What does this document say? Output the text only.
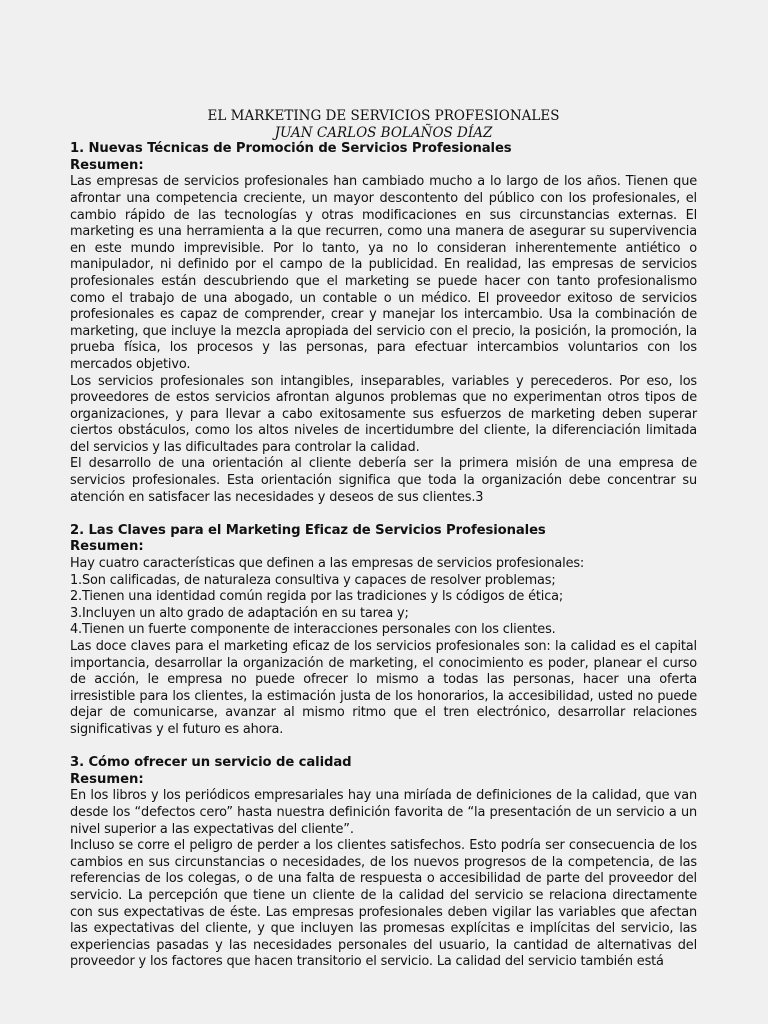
EL MARKETING DE SERVICIOS PROFESIONALES
JUAN CARLOS BOLAÑOS DÍAZ
1. Nuevas Técnicas de Promoción de Servicios Profesionales
Resumen:

Las empresas de servicios profesionales han cambiado mucho a lo largo de los años. Tienen que afrontar una competencia creciente, un mayor descontento del público con los profesionales, el cambio rápido de las tecnologías y otras modificaciones en sus circunstancias externas. El marketing es una herramienta a la que recurren, como una manera de asegurar su supervivencia en este mundo imprevisible. Por lo tanto, ya no lo consideran inherentemente antiético o manipulador, ni definido por el campo de la publicidad. En realidad, las empresas de servicios profesionales están descubriendo que el marketing se puede hacer con tanto profesionalismo como el trabajo de una abogado, un contable o un médico. El proveedor exitoso de servicios profesionales es capaz de comprender, crear y manejar los intercambio. Usa la combinación de marketing, que incluye la mezcla apropiada del servicio con el precio, la posición, la promoción, la prueba física, los procesos y las personas, para efectuar intercambios voluntarios con los mercados objetivo.

Los servicios profesionales son intangibles, inseparables, variables y perecederos. Por eso, los proveedores de estos servicios afrontan algunos problemas que no experimentan otros tipos de organizaciones, y para llevar a cabo exitosamente sus esfuerzos de marketing deben superar ciertos obstáculos, como los altos niveles de incertidumbre del cliente, la diferenciación limitada del servicios y las dificultades para controlar la calidad.

El desarrollo de una orientación al cliente debería ser la primera misión de una empresa de servicios profesionales. Esta orientación significa que toda la organización debe concentrar su atención en satisfacer las necesidades y deseos de sus clientes.3

2. Las Claves para el Marketing Eficaz de Servicios Profesionales
Resumen:
Hay cuatro características que definen a las empresas de servicios profesionales:
1.Son calificadas, de naturaleza consultiva y capaces de resolver problemas;
2.Tienen una identidad común regida por las tradiciones y ls códigos de ética;
3.Incluyen un alto grado de adaptación en su tarea y;
4.Tienen un fuerte componente de interacciones personales con los clientes.

Las doce claves para el marketing eficaz de los servicios profesionales son: la calidad es el capital importancia, desarrollar la organización de marketing, el conocimiento es poder, planear el curso de acción, le empresa no puede ofrecer lo mismo a todas las personas, hacer una oferta irresistible para los clientes, la estimación justa de los honorarios, la accesibilidad, usted no puede dejar de comunicarse, avanzar al mismo ritmo que el tren electrónico, desarrollar relaciones significativas y el futuro es ahora.

3. Cómo ofrecer un servicio de calidad
Resumen:

En los libros y los periódicos empresariales hay una miríada de definiciones de la calidad, que van desde los “defectos cero” hasta nuestra definición favorita de “la presentación de un servicio a un nivel superior a las expectativas del cliente”.

Incluso se corre el peligro de perder a los clientes satisfechos. Esto podría ser consecuencia de los cambios en sus circunstancias o necesidades, de los nuevos progresos de la competencia, de las referencias de los colegas, o de una falta de respuesta o accesibilidad de parte del proveedor del servicio. La percepción que tiene un cliente de la calidad del servicio se relaciona directamente con sus expectativas de éste. Las empresas profesionales deben vigilar las variables que afectan las expectativas del cliente, y que incluyen las promesas explícitas e implícitas del servicio, las experiencias pasadas y las necesidades personales del usuario, la cantidad de alternativas del proveedor y los factores que hacen transitorio el servicio. La calidad del servicio también está
